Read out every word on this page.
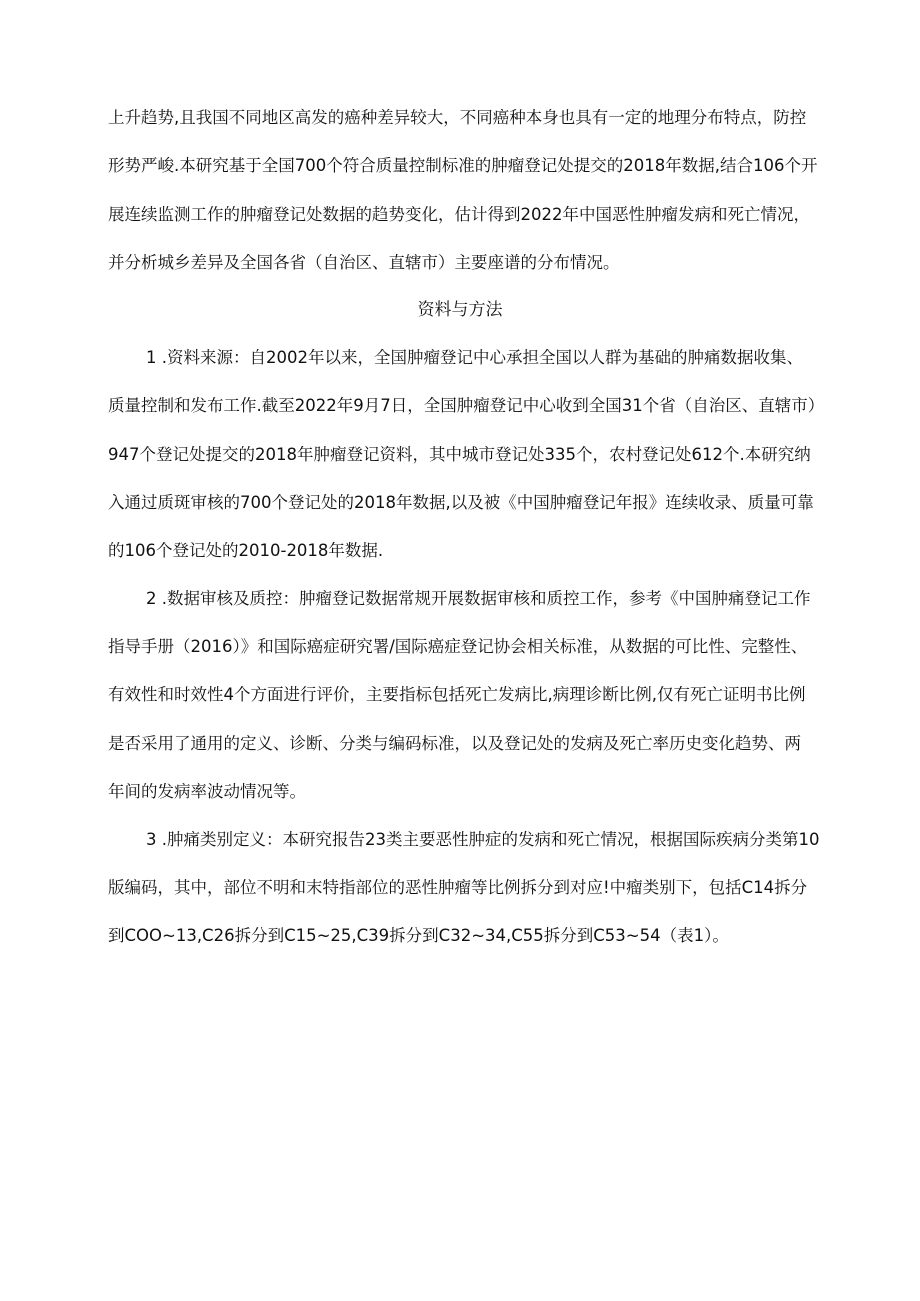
上升趋势,且我国不同地区高发的癌种差异较大，不同癌种本身也具有一定的地理分布特点，防控
形势严峻.本研究基于全国700个符合质量控制标准的肿瘤登记处提交的2018年数据,结合106个开
展连续监测工作的肿瘤登记处数据的趋势变化，估计得到2022年中国恶性肿瘤发病和死亡情况，
并分析城乡差异及全国各省（自治区、直辖市）主要座谱的分布情况。
资料与方法
1 .资料来源：自2002年以来，全国肿瘤登记中心承担全国以人群为基础的肿痛数据收集、
质量控制和发布工作.截至2022年9月7日，全国肿瘤登记中心收到全国31个省（自治区、直辖市）
947个登记处提交的2018年肿瘤登记资料，其中城市登记处335个，农村登记处612个.本研究纳
入通过质斑审核的700个登记处的2018年数据,以及被《中国肿瘤登记年报》连续收录、质量可靠
的106个登记处的2010-2018年数据.
2 .数据审核及质控：肿瘤登记数据常规开展数据审核和质控工作，参考《中国肿痛登记工作
指导手册（2016）》和国际癌症研究署/国际癌症登记协会相关标准，从数据的可比性、完整性、
有效性和时效性4个方面进行评价，主要指标包括死亡发病比,病理诊断比例,仅有死亡证明书比例
是否采用了通用的定义、诊断、分类与编码标准，以及登记处的发病及死亡率历史变化趋势、两
年间的发病率波动情况等。
3 .肿痛类别定义：本研究报告23类主要恶性肿症的发病和死亡情况，根据国际疾病分类第10
版编码，其中，部位不明和末特指部位的恶性肿瘤等比例拆分到对应!中瘤类别下，包括C14拆分
到COO~13,C26拆分到C15~25,C39拆分到C32~34,C55拆分到C53~54（表1）。
